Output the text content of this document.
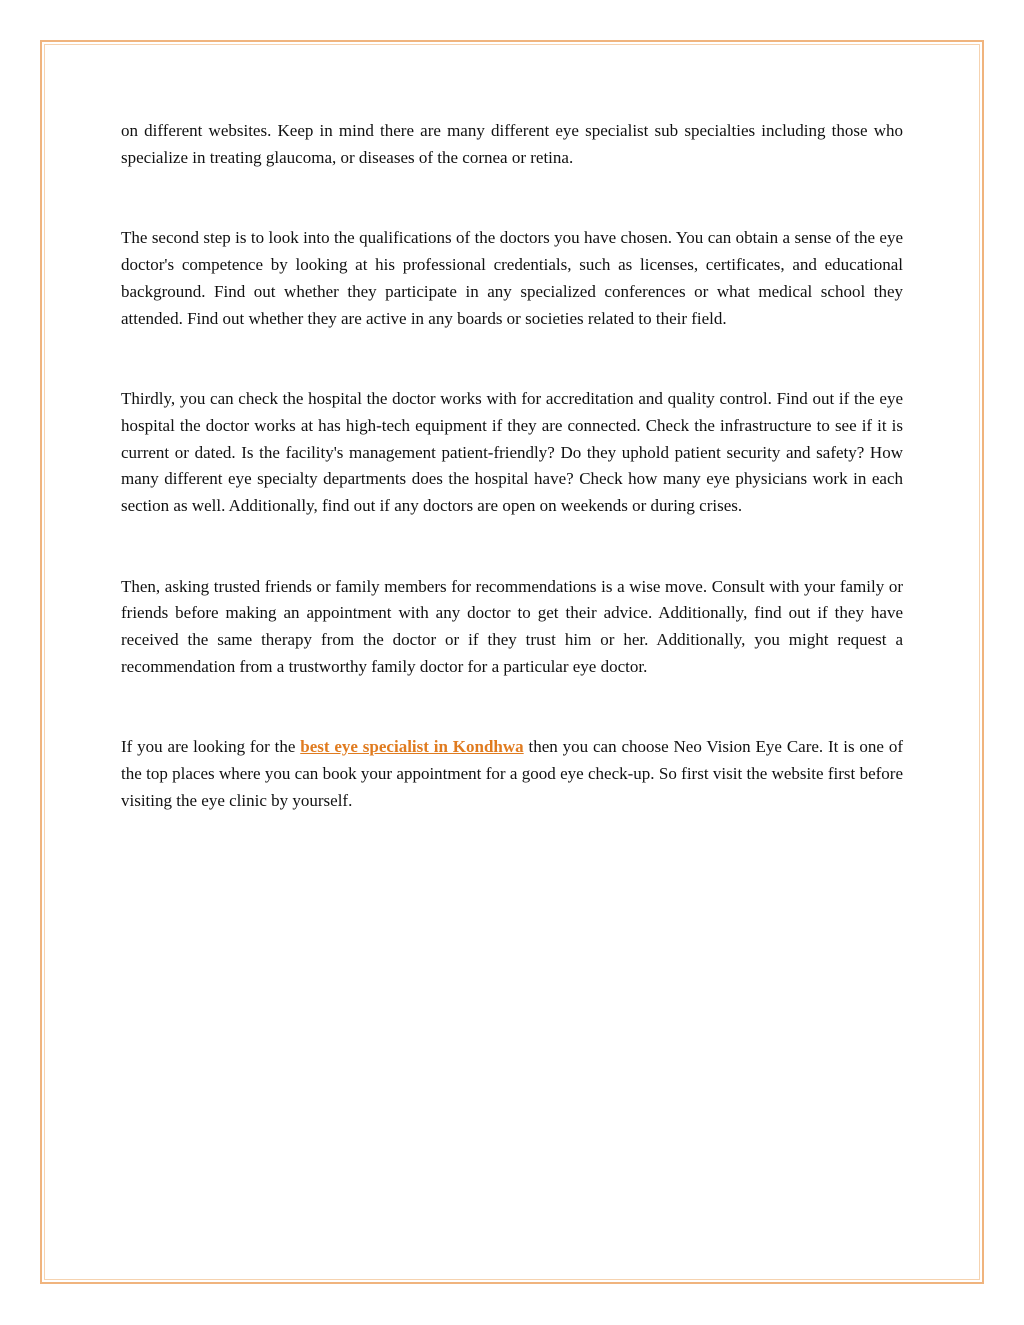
on different websites. Keep in mind there are many different eye specialist sub specialties including those who specialize in treating glaucoma, or diseases of the cornea or retina.

The second step is to look into the qualifications of the doctors you have chosen. You can obtain a sense of the eye doctor's competence by looking at his professional credentials, such as licenses, certificates, and educational background. Find out whether they participate in any specialized conferences or what medical school they attended. Find out whether they are active in any boards or societies related to their field.

Thirdly, you can check the hospital the doctor works with for accreditation and quality control. Find out if the eye hospital the doctor works at has high-tech equipment if they are connected. Check the infrastructure to see if it is current or dated. Is the facility's management patient-friendly? Do they uphold patient security and safety? How many different eye specialty departments does the hospital have? Check how many eye physicians work in each section as well. Additionally, find out if any doctors are open on weekends or during crises.

Then, asking trusted friends or family members for recommendations is a wise move. Consult with your family or friends before making an appointment with any doctor to get their advice. Additionally, find out if they have received the same therapy from the doctor or if they trust him or her. Additionally, you might request a recommendation from a trustworthy family doctor for a particular eye doctor.

If you are looking for the best eye specialist in Kondhwa then you can choose Neo Vision Eye Care. It is one of the top places where you can book your appointment for a good eye check-up. So first visit the website first before visiting the eye clinic by yourself.
